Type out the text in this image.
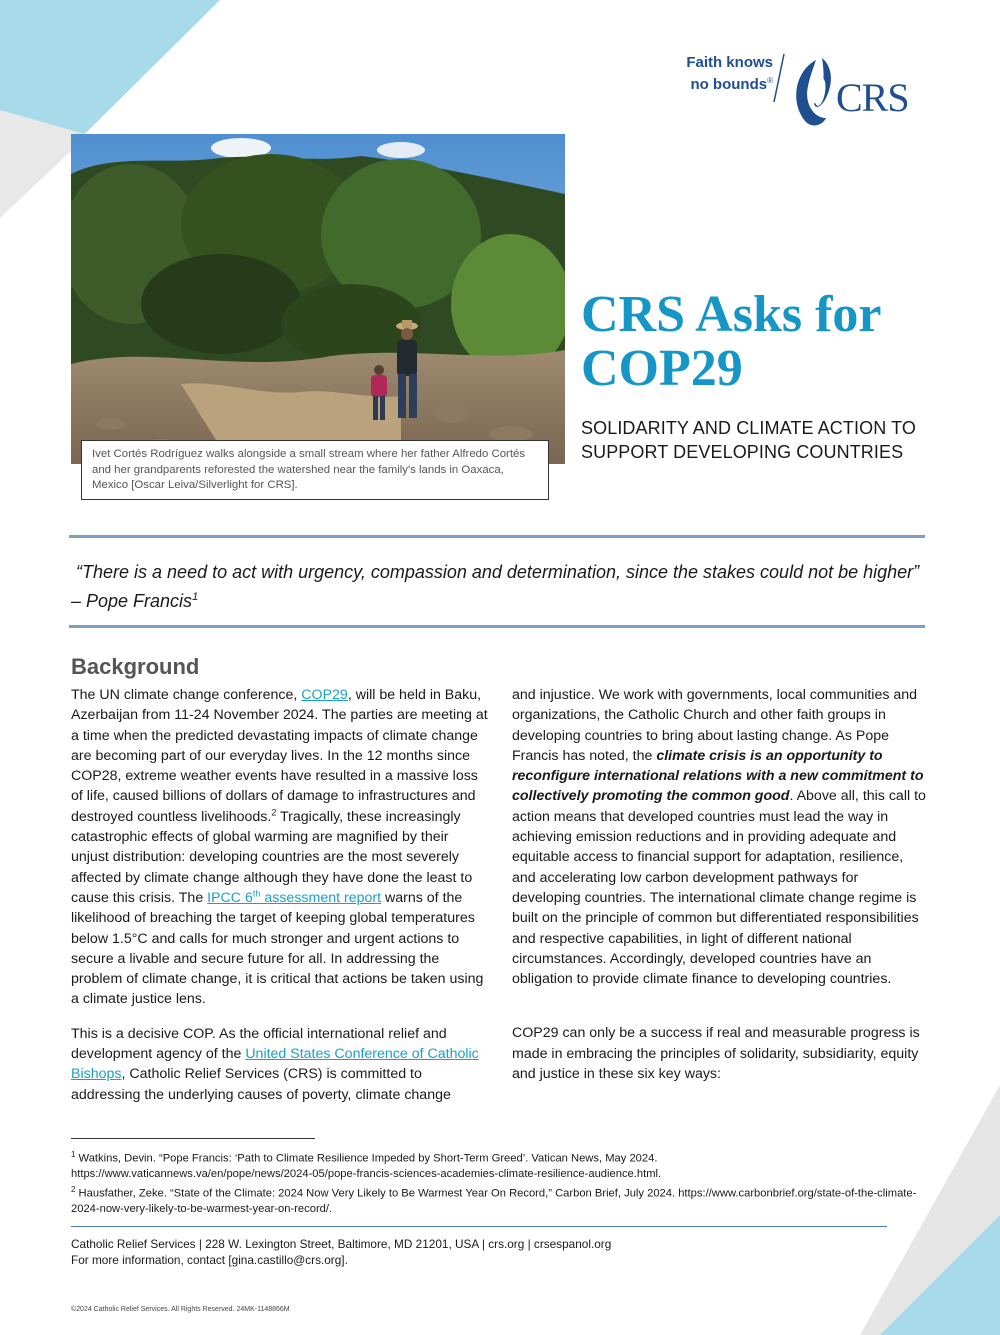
Faith knows
no bounds® CRS
Ivet Cortés Rodríguez walks alongside a small stream where her father Alfredo Cortés and her grandparents reforested the watershed near the family's lands in Oaxaca, Mexico [Oscar Leiva/Silverlight for CRS].
CRS Asks for
COP29
SOLIDARITY AND CLIMATE ACTION TO
SUPPORT DEVELOPING COUNTRIES
“There is a need to act with urgency, compassion and determination, since the stakes could not be higher” – Pope Francis$^1$
Background

The UN climate change conference, COP29, will be held in Baku, Azerbaijan from 11-24 November 2024. The parties are meeting at a time when the predicted devastating impacts of climate change are becoming part of our everyday lives. In the 12 months since COP28, extreme weather events have resulted in a massive loss of life, caused billions of dollars of damage to infrastructures and destroyed countless livelihoods.$^2$ Tragically, these increasingly catastrophic effects of global warming are magnified by their unjust distribution: developing countries are the most severely affected by climate change although they have done the least to cause this crisis. The IPCC 6th assessment report warns of the likelihood of breaching the target of keeping global temperatures below 1.5°C and calls for much stronger and urgent actions to secure a livable and secure future for all. In addressing the problem of climate change, it is critical that actions be taken using a climate justice lens.

This is a decisive COP. As the official international relief and development agency of the United States Conference of Catholic Bishops, Catholic Relief Services (CRS) is committed to addressing the underlying causes of poverty, climate change

and injustice. We work with governments, local communities and organizations, the Catholic Church and other faith groups in developing countries to bring about lasting change. As Pope Francis has noted, the climate crisis is an opportunity to reconfigure international relations with a new commitment to collectively promoting the common good. Above all, this call to action means that developed countries must lead the way in achieving emission reductions and in providing adequate and equitable access to financial support for adaptation, resilience, and accelerating low carbon development pathways for developing countries. The international climate change regime is built on the principle of common but differentiated responsibilities and respective capabilities, in light of different national circumstances. Accordingly, developed countries have an obligation to provide climate finance to developing countries.

COP29 can only be a success if real and measurable progress is made in embracing the principles of solidarity, subsidiarity, equity and justice in these six key ways:

$^1$ Watkins, Devin. “Pope Francis: ‘Path to Climate Resilience Impeded by Short-Term Greed’. Vatican News, May 2024.
https://www.vaticannews.va/en/pope/news/2024-05/pope-francis-sciences-academies-climate-resilience-audience.html.
$^2$ Hausfather, Zeke. “State of the Climate: 2024 Now Very Likely to Be Warmest Year On Record,” Carbon Brief, July 2024. https://www.carbonbrief.org/state-of-the-climate-2024-now-very-likely-to-be-warmest-year-on-record/.
Catholic Relief Services | 228 W. Lexington Street, Baltimore, MD 21201, USA | crs.org | crsespanol.org
For more information, contact [gina.castillo@crs.org].
©2024 Catholic Relief Services. All Rights Reserved. 24MK-1148866M
